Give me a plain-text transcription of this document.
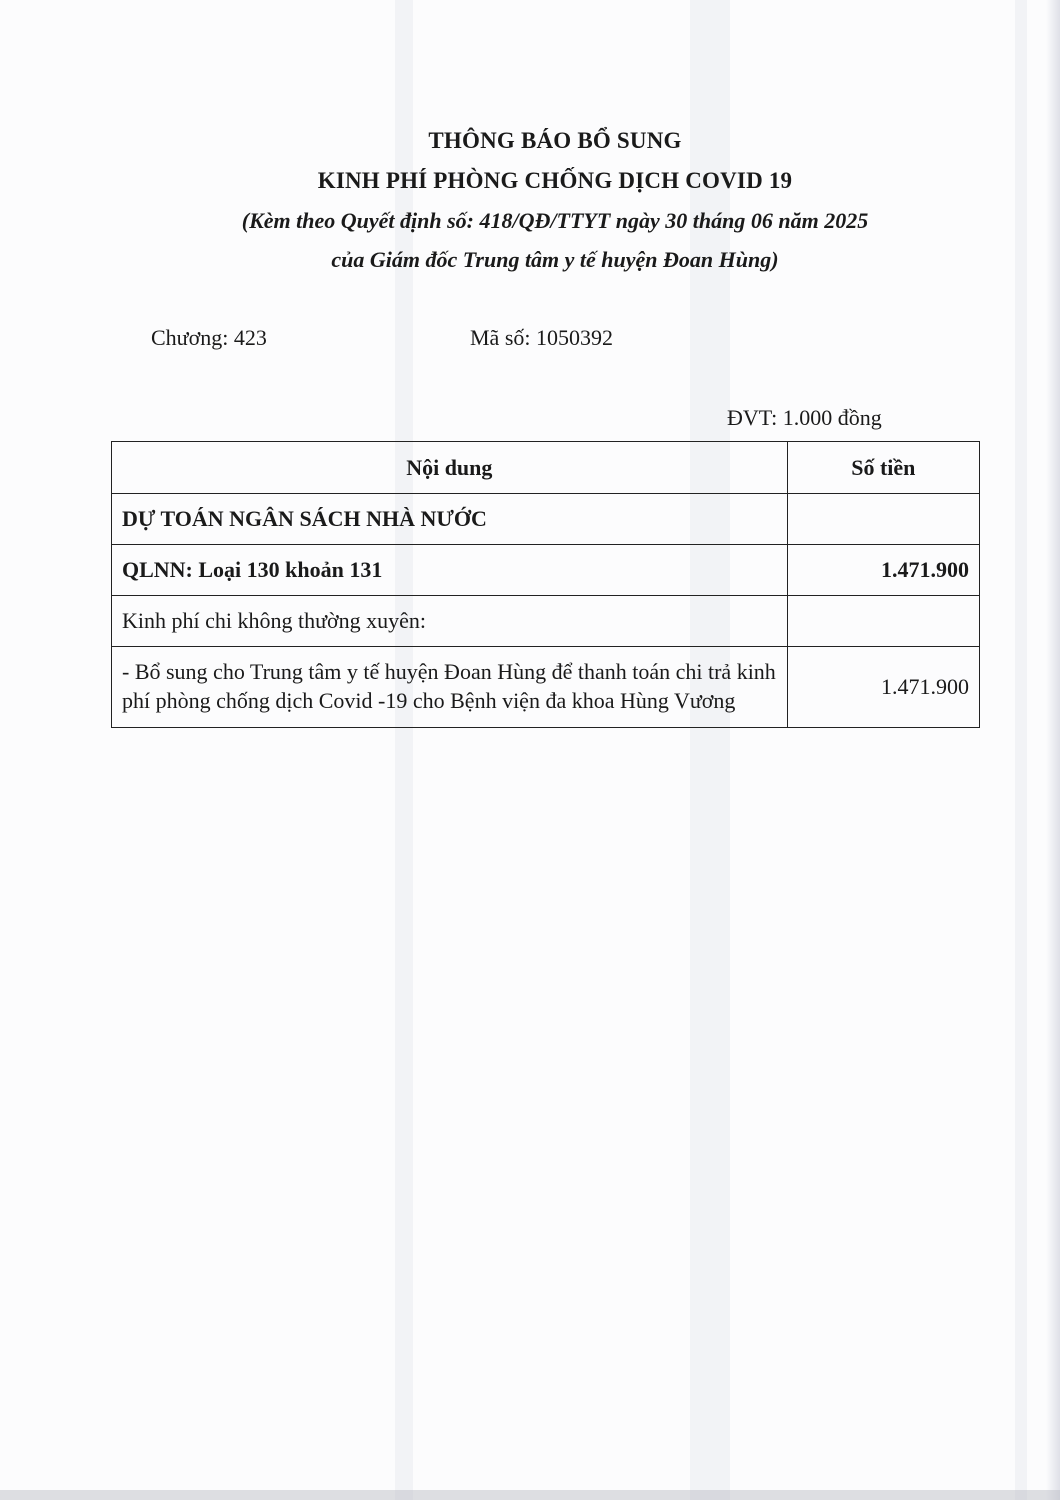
THÔNG BÁO BỔ SUNG
KINH PHÍ PHÒNG CHỐNG DỊCH COVID 19
(Kèm theo Quyết định số: 418/QĐ/TTYT ngày 30 tháng 06 năm 2025
của Giám đốc Trung tâm y tế huyện Đoan Hùng)
Chương: 423	Mã số: 1050392
ĐVT: 1.000 đồng
Nội dung	Số tiền
DỰ TOÁN NGÂN SÁCH NHÀ NƯỚC	
QLNN: Loại 130 khoản 131	1.471.900
Kinh phí chi không thường xuyên:	
- Bổ sung cho Trung tâm y tế huyện Đoan Hùng để thanh toán chi trả kinh phí phòng chống dịch Covid -19 cho Bệnh viện đa khoa Hùng Vương	1.471.900
